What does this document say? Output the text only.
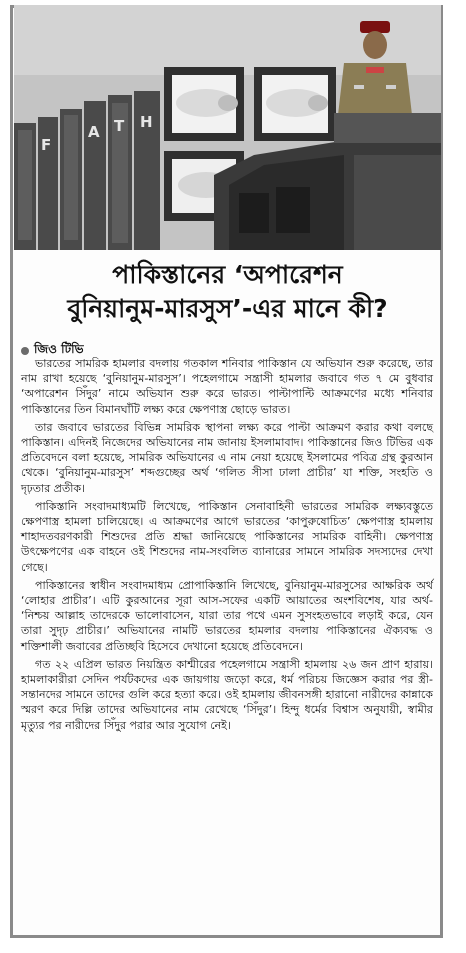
F
A T H
পাকিস্তানের ‘অপারেশন
বুনিয়ানুম-মারসুস’-এর মানে কী?
জিও টিভি

ভারতের সামরিক হামলার বদলায় গতকাল শনিবার পাকিস্তান যে অভিযান শুরু করেছে, তার নাম রাখা হয়েছে ‘বুনিয়ানুম-মারসুস’। পহেলগামে সন্ত্রাসী হামলার জবাবে গত ৭ মে বুধবার ‘অপারেশন সিঁদুর’ নামে অভিযান শুরু করে ভারত। পাল্টাপাল্টি আক্রমণের মধ্যে শনিবার পাকিস্তানের তিন বিমানঘাঁটি লক্ষ্য করে ক্ষেপণাস্ত্র ছোড়ে ভারত।

তার জবাবে ভারতের বিভিন্ন সামরিক স্থাপনা লক্ষ্য করে পাল্টা আক্রমণ করার কথা বলছে পাকিস্তান। এদিনই নিজেদের অভিযানের নাম জানায় ইসলামাবাদ। পাকিস্তানের জিও টিভির এক প্রতিবেদনে বলা হয়েছে, সামরিক অভিযানের এ নাম নেয়া হয়েছে ইসলামের পবিত্র গ্রন্থ কুরআন থেকে। ‘বুনিয়ানুম-মারসুস’ শব্দগুচ্ছের অর্থ ‘গলিত সীসা ঢালা প্রাচীর’ যা শক্তি, সংহতি ও দৃঢ়তার প্রতীক।

পাকিস্তানি সংবাদমাধ্যমটি লিখেছে, পাকিস্তান সেনাবাহিনী ভারতের সামরিক লক্ষ্যবস্তুতে ক্ষেপণাস্ত্র হামলা চালিয়েছে। এ আক্রমণের আগে ভারতের ‘কাপুরুষোচিত’ ক্ষেপণাস্ত্র হামলায় শাহাদতবরণকারী শিশুদের প্রতি শ্রদ্ধা জানিয়েছে পাকিস্তানের সামরিক বাহিনী। ক্ষেপণাস্ত্র উৎক্ষেপণের এক বাহনে ওই শিশুদের নাম-সংবলিত ব্যানারের সামনে সামরিক সদস্যদের দেখা গেছে।

পাকিস্তানের স্বাধীন সংবাদমাধ্যম প্রোপাকিস্তানি লিখেছে, বুনিয়ানুম-মারসুসের আক্ষরিক অর্থ ‘লোহার প্রাচীর’। এটি কুরআনের সূরা আস-সফের একটি আয়াতের অংশবিশেষ, যার অর্থ- ‘নিশ্চয় আল্লাহ তাদেরকে ভালোবাসেন, যারা তার পথে এমন সুসংহতভাবে লড়াই করে, যেন তারা সুদৃঢ় প্রাচীর।’ অভিযানের নামটি ভারতের হামলার বদলায় পাকিস্তানের ঐক্যবদ্ধ ও শক্তিশালী জবাবের প্রতিচ্ছবি হিসেবে দেখানো হয়েছে প্রতিবেদনে।

গত ২২ এপ্রিল ভারত নিয়ন্ত্রিত কাশ্মীরের পহেলগামে সন্ত্রাসী হামলায় ২৬ জন প্রাণ হারায়। হামলাকারীরা সেদিন পর্যটকদের এক জায়গায় জড়ো করে, ধর্ম পরিচয় জিজ্ঞেস করার পর স্ত্রী-সন্তানদের সামনে তাদের গুলি করে হত্যা করে। ওই হামলায় জীবনসঙ্গী হারানো নারীদের কান্নাকে স্মরণ করে দিল্লি তাদের অভিযানের নাম রেখেছে ‘সিঁদুর’। হিন্দু ধর্মের বিশ্বাস অনুযায়ী, স্বামীর মৃত্যুর পর নারীদের সিঁদুর পরার আর সুযোগ নেই।
